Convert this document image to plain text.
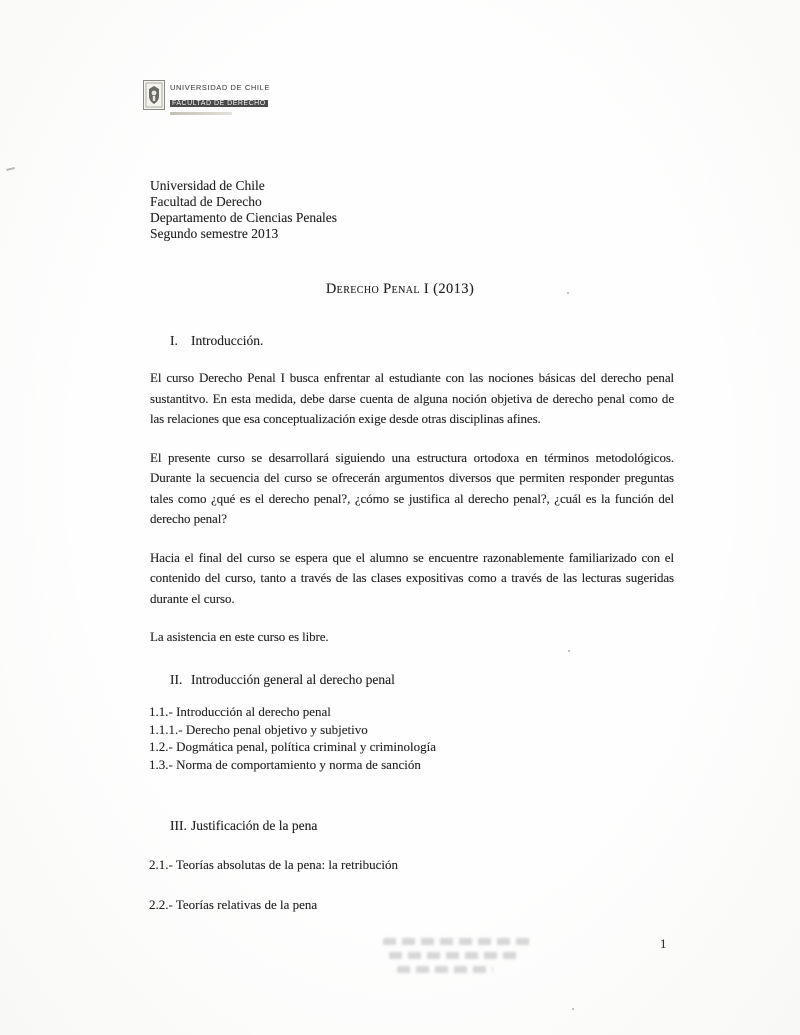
UNIVERSIDAD DE CHILE
FACULTAD DE DERECHO
Universidad de Chile
Facultad de Derecho
Departamento de Ciencias Penales
Segundo semestre 2013
Derecho Penal I (2013)
I. Introducción.

El curso Derecho Penal I busca enfrentar al estudiante con las nociones básicas del derecho penal sustantitvo. En esta medida, debe darse cuenta de alguna noción objetiva de derecho penal como de las relaciones que esa conceptualización exige desde otras disciplinas afines.

El presente curso se desarrollará siguiendo una estructura ortodoxa en términos metodológicos. Durante la secuencia del curso se ofrecerán argumentos diversos que permiten responder preguntas tales como ¿qué es el derecho penal?, ¿cómo se justifica al derecho penal?, ¿cuál es la función del derecho penal?

Hacia el final del curso se espera que el alumno se encuentre razonablemente familiarizado con el contenido del curso, tanto a través de las clases expositivas como a través de las lecturas sugeridas durante el curso.

La asistencia en este curso es libre.

II. Introducción general al derecho penal
1.1.- Introducción al derecho penal
1.1.1.- Derecho penal objetivo y subjetivo
1.2.- Dogmática penal, política criminal y criminología
1.3.- Norma de comportamiento y norma de sanción
III. Justificación de la pena
2.1.- Teorías absolutas de la pena: la retribución
2.2.- Teorías relativas de la pena
1
